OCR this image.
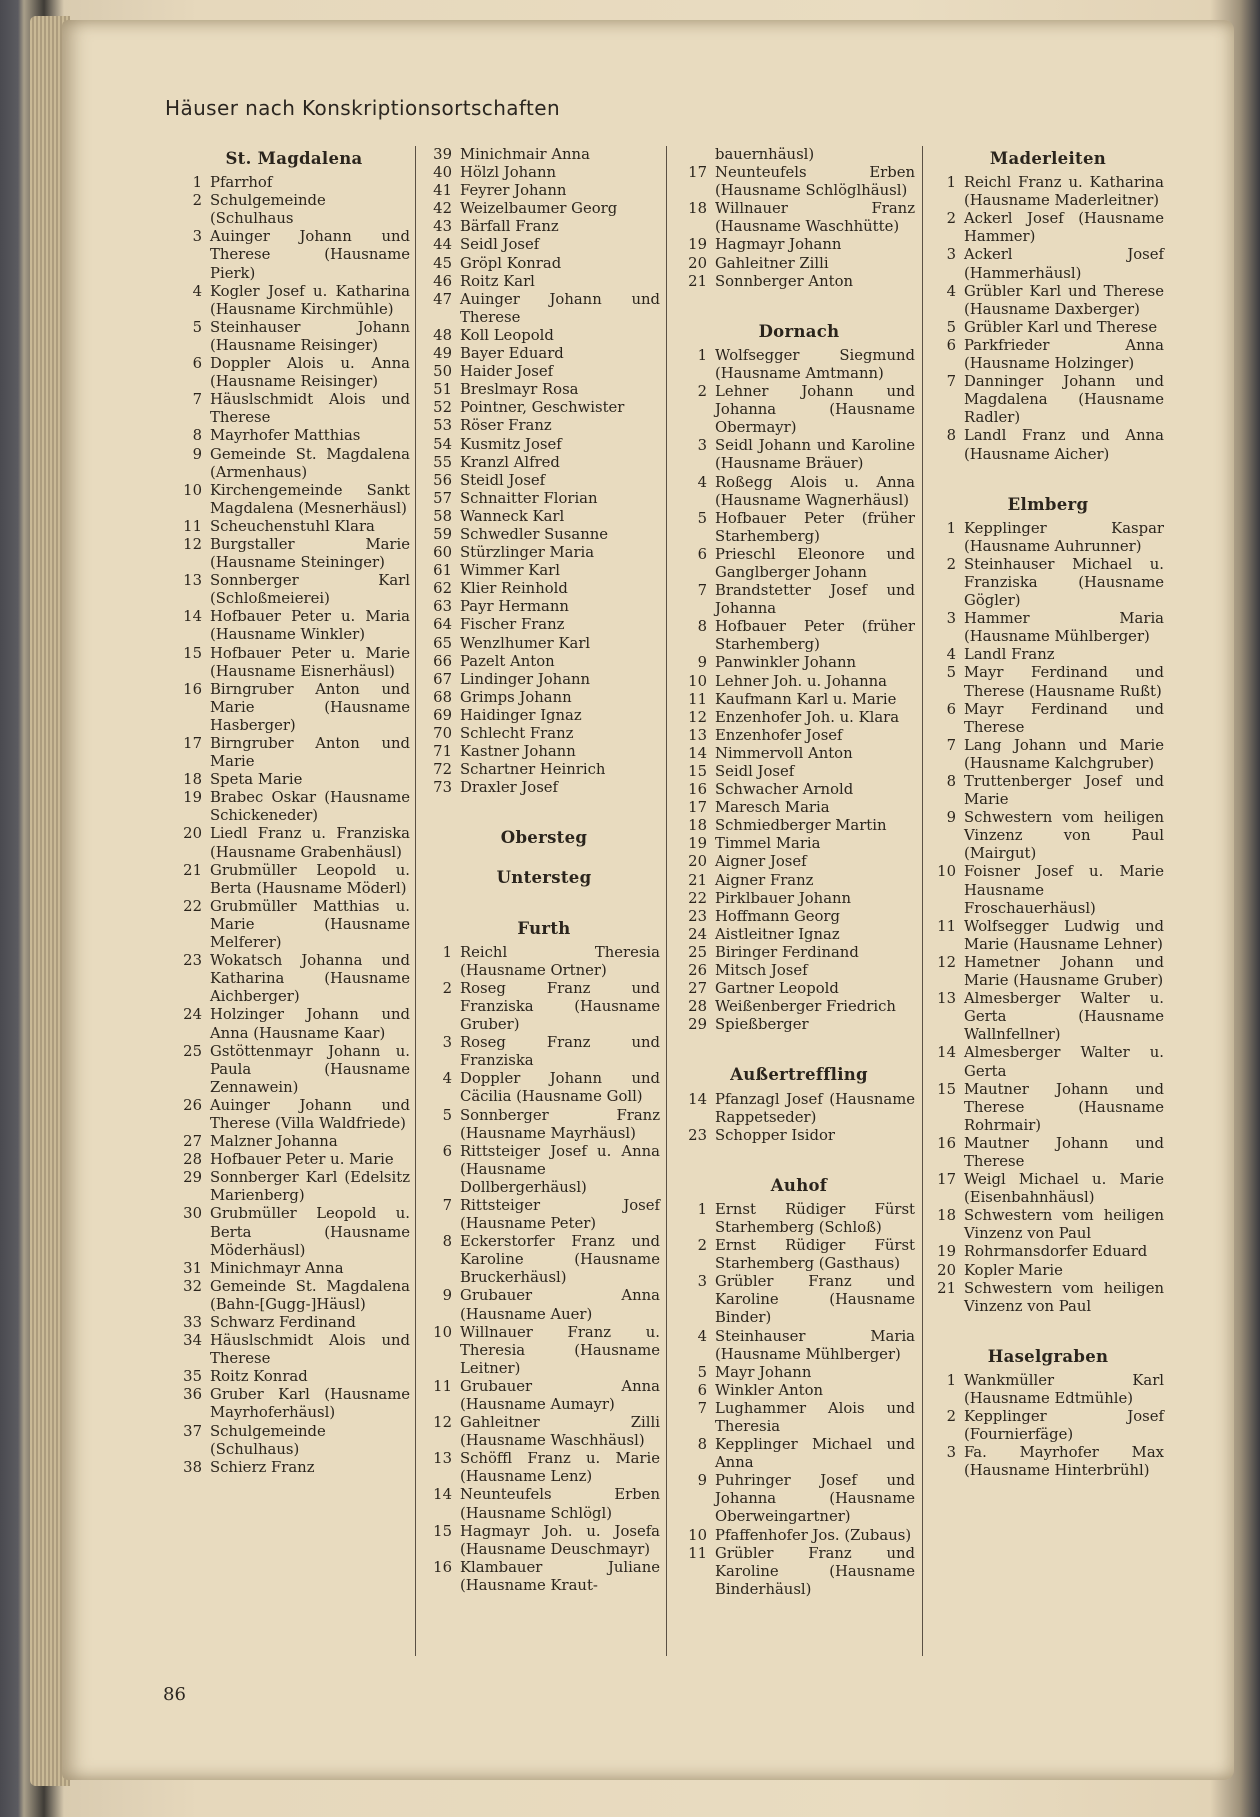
Häuser nach Konskriptionsortschaften
St. Magdalena
1 Pfarrhof
2 Schulgemeinde (Schulhaus
3 Auinger Johann und Therese (Hausname Pierk)
4 Kogler Josef u. Katharina (Hausname Kirchmühle)
5 Steinhauser Johann (Hausname Reisinger)
6 Doppler Alois u. Anna (Hausname Reisinger)
7 Häuslschmidt Alois und Therese
8 Mayrhofer Matthias
9 Gemeinde St. Magdalena (Armenhaus)
10 Kirchengemeinde Sankt Magdalena (Mesnerhäusl)
11 Scheuchenstuhl Klara
12 Burgstaller Marie (Hausname Steininger)
13 Sonnberger Karl (Schloßmeierei)
14 Hofbauer Peter u. Maria (Hausname Winkler)
15 Hofbauer Peter u. Marie (Hausname Eisnerhäusl)
16 Birngruber Anton und Marie (Hausname Hasberger)
17 Birngruber Anton und Marie
18 Speta Marie
19 Brabec Oskar (Hausname Schickeneder)
20 Liedl Franz u. Franziska (Hausname Grabenhäusl)
21 Grubmüller Leopold u. Berta (Hausname Möderl)
22 Grubmüller Matthias u. Marie (Hausname Melferer)
23 Wokatsch Johanna und Katharina (Hausname Aichberger)
24 Holzinger Johann und Anna (Hausname Kaar)
25 Gstöttenmayr Johann u. Paula (Hausname Zennawein)
26 Auinger Johann und Therese (Villa Waldfriede)
27 Malzner Johanna
28 Hofbauer Peter u. Marie
29 Sonnberger Karl (Edelsitz Marienberg)
30 Grubmüller Leopold u. Berta (Hausname Möderhäusl)
31 Minichmayr Anna
32 Gemeinde St. Magdalena (Bahn-[Gugg-]Häusl)
33 Schwarz Ferdinand
34 Häuslschmidt Alois und Therese
35 Roitz Konrad
36 Gruber Karl (Hausname Mayrhoferhäusl)
37 Schulgemeinde (Schulhaus)
38 Schierz Franz
39 Minichmair Anna
40 Hölzl Johann
41 Feyrer Johann
42 Weizelbaumer Georg
43 Bärfall Franz
44 Seidl Josef
45 Gröpl Konrad
46 Roitz Karl
47 Auinger Johann und Therese
48 Koll Leopold
49 Bayer Eduard
50 Haider Josef
51 Breslmayr Rosa
52 Pointner, Geschwister
53 Röser Franz
54 Kusmitz Josef
55 Kranzl Alfred
56 Steidl Josef
57 Schnaitter Florian
58 Wanneck Karl
59 Schwedler Susanne
60 Stürzlinger Maria
61 Wimmer Karl
62 Klier Reinhold
63 Payr Hermann
64 Fischer Franz
65 Wenzlhumer Karl
66 Pazelt Anton
67 Lindinger Johann
68 Grimps Johann
69 Haidinger Ignaz
70 Schlecht Franz
71 Kastner Johann
72 Schartner Heinrich
73 Draxler Josef
Obersteg
Untersteg
Furth
1 Reichl Theresia (Hausname Ortner)
2 Roseg Franz und Franziska (Hausname Gruber)
3 Roseg Franz und Franziska
4 Doppler Johann und Cäcilia (Hausname Goll)
5 Sonnberger Franz (Hausname Mayrhäusl)
6 Rittsteiger Josef u. Anna (Hausname Dollbergerhäusl)
7 Rittsteiger Josef (Hausname Peter)
8 Eckerstorfer Franz und Karoline (Hausname Bruckerhäusl)
9 Grubauer Anna (Hausname Auer)
10 Willnauer Franz u. Theresia (Hausname Leitner)
11 Grubauer Anna (Hausname Aumayr)
12 Gahleitner Zilli (Hausname Waschhäusl)
13 Schöffl Franz u. Marie (Hausname Lenz)
14 Neunteufels Erben (Hausname Schlögl)
15 Hagmayr Joh. u. Josefa (Hausname Deuschmayr)
16 Klambauer Juliane (Hausname Kraut-
bauernhäusl)
17 Neunteufels Erben (Hausname Schlöglhäusl)
18 Willnauer Franz (Hausname Waschhütte)
19 Hagmayr Johann
20 Gahleitner Zilli
21 Sonnberger Anton
Dornach
1 Wolfsegger Siegmund (Hausname Amtmann)
2 Lehner Johann und Johanna (Hausname Obermayr)
3 Seidl Johann und Karoline (Hausname Bräuer)
4 Roßegg Alois u. Anna (Hausname Wagnerhäusl)
5 Hofbauer Peter (früher Starhemberg)
6 Prieschl Eleonore und Ganglberger Johann
7 Brandstetter Josef und Johanna
8 Hofbauer Peter (früher Starhemberg)
9 Panwinkler Johann
10 Lehner Joh. u. Johanna
11 Kaufmann Karl u. Marie
12 Enzenhofer Joh. u. Klara
13 Enzenhofer Josef
14 Nimmervoll Anton
15 Seidl Josef
16 Schwacher Arnold
17 Maresch Maria
18 Schmiedberger Martin
19 Timmel Maria
20 Aigner Josef
21 Aigner Franz
22 Pirklbauer Johann
23 Hoffmann Georg
24 Aistleitner Ignaz
25 Biringer Ferdinand
26 Mitsch Josef
27 Gartner Leopold
28 Weißenberger Friedrich
29 Spießberger
Außertreffling
14 Pfanzagl Josef (Hausname Rappetseder)
23 Schopper Isidor
Auhof
1 Ernst Rüdiger Fürst Starhemberg (Schloß)
2 Ernst Rüdiger Fürst Starhemberg (Gasthaus)
3 Grübler Franz und Karoline (Hausname Binder)
4 Steinhauser Maria (Hausname Mühlberger)
5 Mayr Johann
6 Winkler Anton
7 Lughammer Alois und Theresia
8 Kepplinger Michael und Anna
9 Puhringer Josef und Johanna (Hausname Oberweingartner)
10 Pfaffenhofer Jos. (Zubaus)
11 Grübler Franz und Karoline (Hausname Binderhäusl)
Maderleiten
1 Reichl Franz u. Katharina (Hausname Maderleitner)
2 Ackerl Josef (Hausname Hammer)
3 Ackerl Josef (Hammerhäusl)
4 Grübler Karl und Therese (Hausname Daxberger)
5 Grübler Karl und Therese
6 Parkfrieder Anna (Hausname Holzinger)
7 Danninger Johann und Magdalena (Hausname Radler)
8 Landl Franz und Anna (Hausname Aicher)
Elmberg
1 Kepplinger Kaspar (Hausname Auhrunner)
2 Steinhauser Michael u. Franziska (Hausname Gögler)
3 Hammer Maria (Hausname Mühlberger)
4 Landl Franz
5 Mayr Ferdinand und Therese (Hausname Rußt)
6 Mayr Ferdinand und Therese
7 Lang Johann und Marie (Hausname Kalchgruber)
8 Truttenberger Josef und Marie
9 Schwestern vom heiligen Vinzenz von Paul (Mairgut)
10 Foisner Josef u. Marie Hausname Froschauerhäusl)
11 Wolfsegger Ludwig und Marie (Hausname Lehner)
12 Hametner Johann und Marie (Hausname Gruber)
13 Almesberger Walter u. Gerta (Hausname Wallnfellner)
14 Almesberger Walter u. Gerta
15 Mautner Johann und Therese (Hausname Rohrmair)
16 Mautner Johann und Therese
17 Weigl Michael u. Marie (Eisenbahnhäusl)
18 Schwestern vom heiligen Vinzenz von Paul
19 Rohrmansdorfer Eduard
20 Kopler Marie
21 Schwestern vom heiligen Vinzenz von Paul
Haselgraben
1 Wankmüller Karl (Hausname Edtmühle)
2 Kepplinger Josef (Fournierfäge)
3 Fa. Mayrhofer Max (Hausname Hinterbrühl)
86
